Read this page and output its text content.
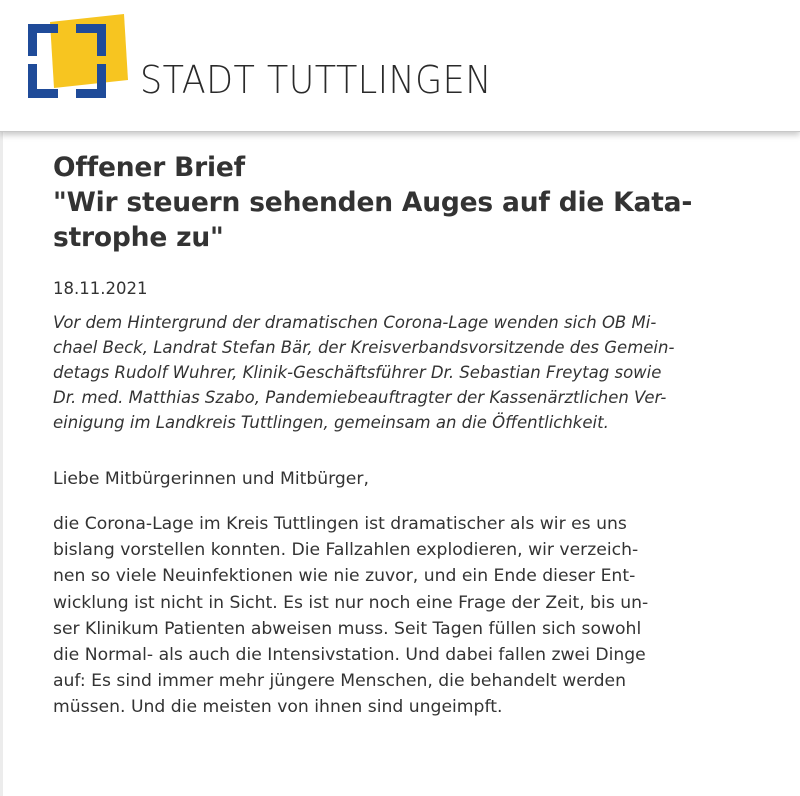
STADT TUTTLINGEN
Offener Brief
"Wir steuern sehenden Auges auf die Kata-
strophe zu"
18.11.2021
Vor dem Hintergrund der dramatischen Corona-Lage wenden sich OB Mi-
chael Beck, Landrat Stefan Bär, der Kreisverbandsvorsitzende des Gemein-
detags Rudolf Wuhrer, Klinik-Geschäftsführer Dr. Sebastian Freytag sowie
Dr. med. Matthias Szabo, Pandemiebeauftragter der Kassenärztlichen Ver-
einigung im Landkreis Tuttlingen, gemeinsam an die Öffentlichkeit.
Liebe Mitbürgerinnen und Mitbürger,
die Corona-Lage im Kreis Tuttlingen ist dramatischer als wir es uns
bislang vorstellen konnten. Die Fallzahlen explodieren, wir verzeich-
nen so viele Neuinfektionen wie nie zuvor, und ein Ende dieser Ent-
wicklung ist nicht in Sicht. Es ist nur noch eine Frage der Zeit, bis un-
ser Klinikum Patienten abweisen muss. Seit Tagen füllen sich sowohl
die Normal- als auch die Intensivstation. Und dabei fallen zwei Dinge
auf: Es sind immer mehr jüngere Menschen, die behandelt werden
müssen. Und die meisten von ihnen sind ungeimpft.
